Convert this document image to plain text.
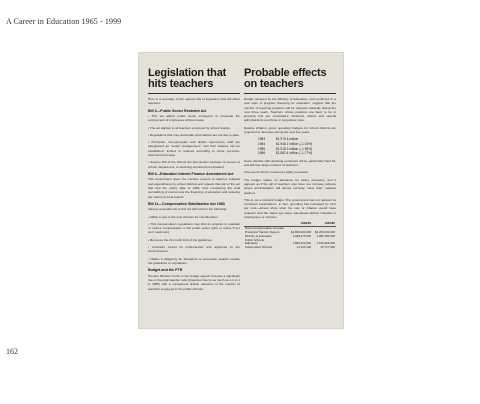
A Career in Education 1965 - 1999
Legislation that hits teachers

Here is a summary of the various bits of legislation that will affect teachers.

Bill 3—Public Sector Restraint Act

• This act allows public sector employers to terminate the employment of employees without cause.

• The act applies to all teachers employed by school boards.

• Regulations that may accelerate terminations are not due to date.

• Principals, vice-principals and district supervisory staff are categorized as "senior management," and their salaries can be established, limited or reduced according to some yet-to-be-determined formula.

• Section 163 of the School Act (termination because of closure of school, department, or declining enrolment) is repealed.

Bill 6—Education Interim Finance Amendment Act

This amendment gives the minister powers to approve budgets and expenditures by school districts and repeals that part of the act that had the expiry date of 1984, thus completing the total centralizing of control over the financing of education and reducing the control of local boards.

Bill 11—Compensation Stabilization Act 1983

Various amendments to this act will result in the following:

• Ability to pay is the only criterion for consideration.

• This compensation regulations may limit its program to maintain or reduce compensation in the public sector (plus or minus 5 per cent maximum).

• Removes the 24-month limit of the guidelines.

• Contracts cannot be implemented until approved by the Commissioner.

• Makes it obligatory for arbitrators to reconsider awards outside the guidelines or regulations.

Budget and the PTR

Premier Minister Curtis in his budget speech forecast a significant rise in the pupil-teacher ratio (projected rise by as much as 1.4 to 1 in 1985) with a consequent drastic reduction in the number of teachers employed in the public schools.

Probable effects on teachers

Details released by the Ministry of Education, and confirmed in a new topic of program financing for education, suggest that the number of teaching positions will be reduced markedly during the next three years. Teachers whose positions are likely to be in jeopardy first are counsellors, librarians, district and special administrators and those in supportive roles.

Despite inflation, gross operating budgets for school districts are projected to decrease during the next few years.

1983	$1,970.6 million
1984	$1,948.1 million (–1.15%)
1985	$1,918.2 million (–1.55%)
1986	$1,882.4 million (–1.77%)

Some districts with declining enrolment will be particularly hard hit, and will lose large numbers of teachers.

Increments will be counted as salary increases.

The budget makes no allowance for salary increases, and it appears as if the gift of teachers may have one increase scheme where administrators will almost certainly "save their" salaries slashed.

This is not a restraint budget. The government has not reduced its combined expenditures, in fact, spending has increased by 12.2 per cent—almost triple what the rate of inflation would have required. And the status quo been maintained without cutbacks in employment or services.

	1983/84	1984/85
Direct Compensation Increase		
Provincial Transfer System	$1,860,000,000	$4,284,000,000
Ministry of Education	1,948,475,000	1,480,784,000
Public Schools		
Education	1,882,000,000	1,915,608,000
Independent Schools	13,121,600	20,717,000
162
